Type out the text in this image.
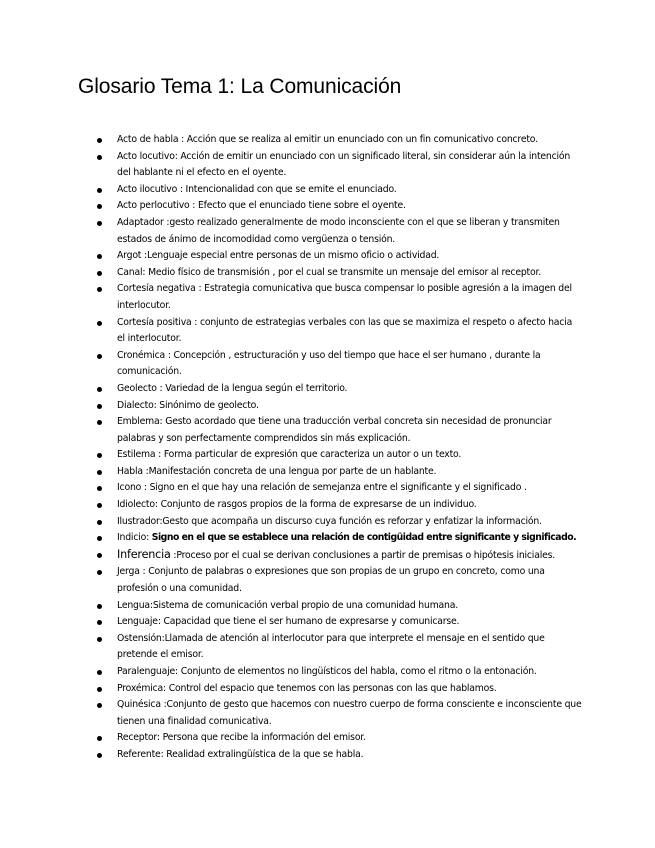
Glosario Tema 1: La Comunicación
Acto de habla : Acción que se realiza al emitir un enunciado con un fin comunicativo concreto.
Acto locutivo: Acción de emitir un enunciado con un significado literal, sin considerar aún la intención del hablante ni el efecto en el oyente.
Acto ilocutivo : Intencionalidad con que se emite el enunciado.
Acto perlocutivo : Efecto que el enunciado tiene sobre el oyente.
Adaptador :gesto realizado generalmente de modo inconsciente con el que se liberan y transmiten estados de ánimo de incomodidad como vergüenza o tensión.
Argot :Lenguaje especial entre personas de un mismo oficio o actividad.
Canal: Medio físico de transmisión , por el cual se transmite un mensaje del emisor al receptor.
Cortesía negativa : Estrategia comunicativa que busca compensar lo posible agresión a la imagen del interlocutor.
Cortesía positiva : conjunto de estrategias verbales con las que se maximiza el respeto o afecto hacia el interlocutor.
Cronémica : Concepción , estructuración y uso del tiempo que hace el ser humano , durante la comunicación.
Geolecto : Variedad de la lengua según el territorio.
Dialecto: Sinónimo de geolecto.
Emblema: Gesto acordado que tiene una traducción verbal concreta sin necesidad de pronunciar palabras y son perfectamente comprendidos sin más explicación.
Estilema : Forma particular de expresión que caracteriza un autor o un texto.
Habla :Manifestación concreta de una lengua por parte de un hablante.
Icono : Signo en el que hay una relación de semejanza entre el significante y el significado .
Idiolecto: Conjunto de rasgos propios de la forma de expresarse de un individuo.
Ilustrador:Gesto que acompaña un discurso cuya función es reforzar y enfatizar la información.
Indicio: Signo en el que se establece una relación de contigüidad entre significante y significado.
Inferencia :Proceso por el cual se derivan conclusiones a partir de premisas o hipótesis iniciales.
Jerga : Conjunto de palabras o expresiones que son propias de un grupo en concreto, como una profesión o una comunidad.
Lengua:Sistema de comunicación verbal propio de una comunidad humana.
Lenguaje: Capacidad que tiene el ser humano de expresarse y comunicarse.
Ostensión:Llamada de atención al interlocutor para que interprete el mensaje en el sentido que pretende el emisor.
Paralenguaje: Conjunto de elementos no lingüísticos del habla, como el ritmo o la entonación.
Proxémica: Control del espacio que tenemos con las personas con las que hablamos.
Quinésica :Conjunto de gesto que hacemos con nuestro cuerpo de forma consciente e inconsciente que tienen una finalidad comunicativa.
Receptor: Persona que recibe la información del emisor.
Referente: Realidad extralingüística de la que se habla.
